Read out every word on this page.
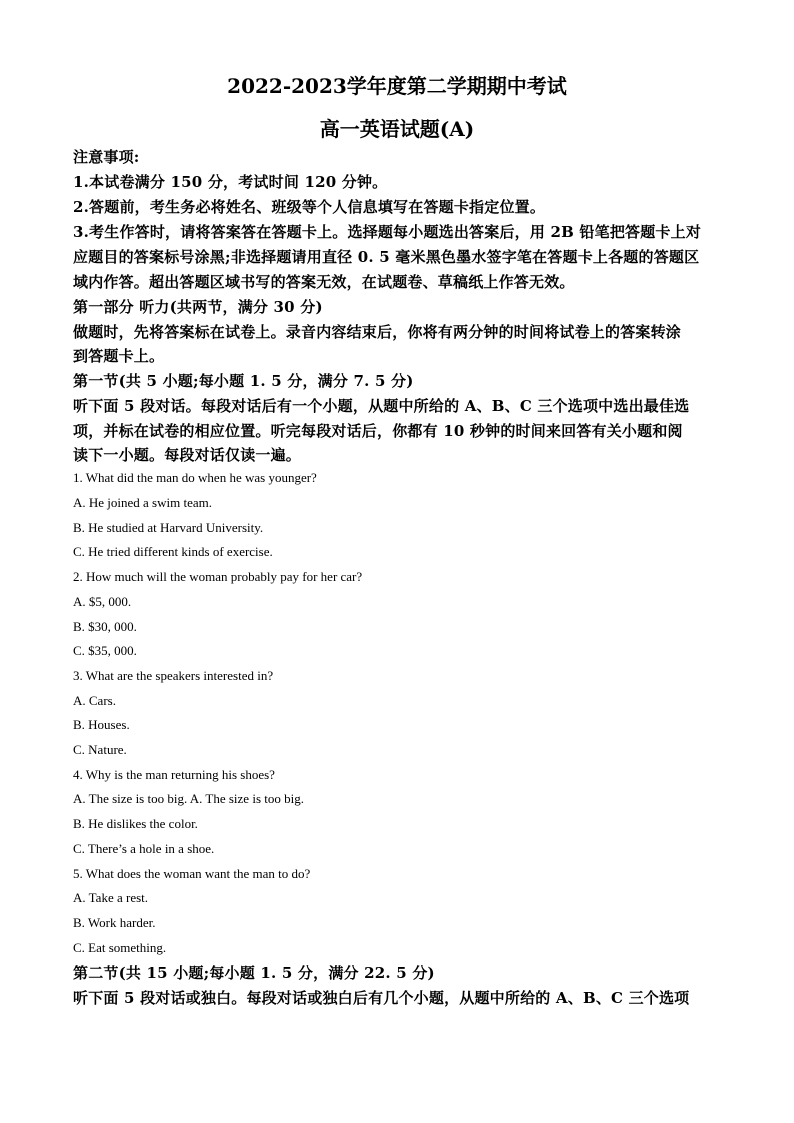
2022-2023学年度第二学期期中考试
高一英语试题(A)
注意事项:
1.本试卷满分 150 分，考试时间 120 分钟。
2.答题前，考生务必将姓名、班级等个人信息填写在答题卡指定位置。
3.考生作答时，请将答案答在答题卡上。选择题每小题选出答案后，用 2B 铅笔把答题卡上对
应题目的答案标号涂黑;非选择题请用直径 0. 5 毫米黑色墨水签字笔在答题卡上各题的答题区
域内作答。超出答题区域书写的答案无效，在试题卷、草稿纸上作答无效。
第一部分 听力(共两节，满分 30 分)
做题时，先将答案标在试卷上。录音内容结束后，你将有两分钟的时间将试卷上的答案转涂
到答题卡上。
第一节(共 5 小题;每小题 1. 5 分，满分 7. 5 分)
听下面 5 段对话。每段对话后有一个小题，从题中所给的 A、B、C 三个选项中选出最佳选
项，并标在试卷的相应位置。听完每段对话后，你都有 10 秒钟的时间来回答有关小题和阅
读下一小题。每段对话仅读一遍。
1. What did the man do when he was younger?
A. He joined a swim team.
B. He studied at Harvard University.
C. He tried different kinds of exercise.
2. How much will the woman probably pay for her car?
A. $5, 000.
B. $30, 000.
C. $35, 000.
3. What are the speakers interested in?
A. Cars.
B. Houses.
C. Nature.
4. Why is the man returning his shoes?
A. The size is too big. A. The size is too big.
B. He dislikes the color.
C. There’s a hole in a shoe.
5. What does the woman want the man to do?
A. Take a rest.
B. Work harder.
C. Eat something.
第二节(共 15 小题;每小题 1. 5 分，满分 22. 5 分)
听下面 5 段对话或独白。每段对话或独白后有几个小题，从题中所给的 A、B、C 三个选项
